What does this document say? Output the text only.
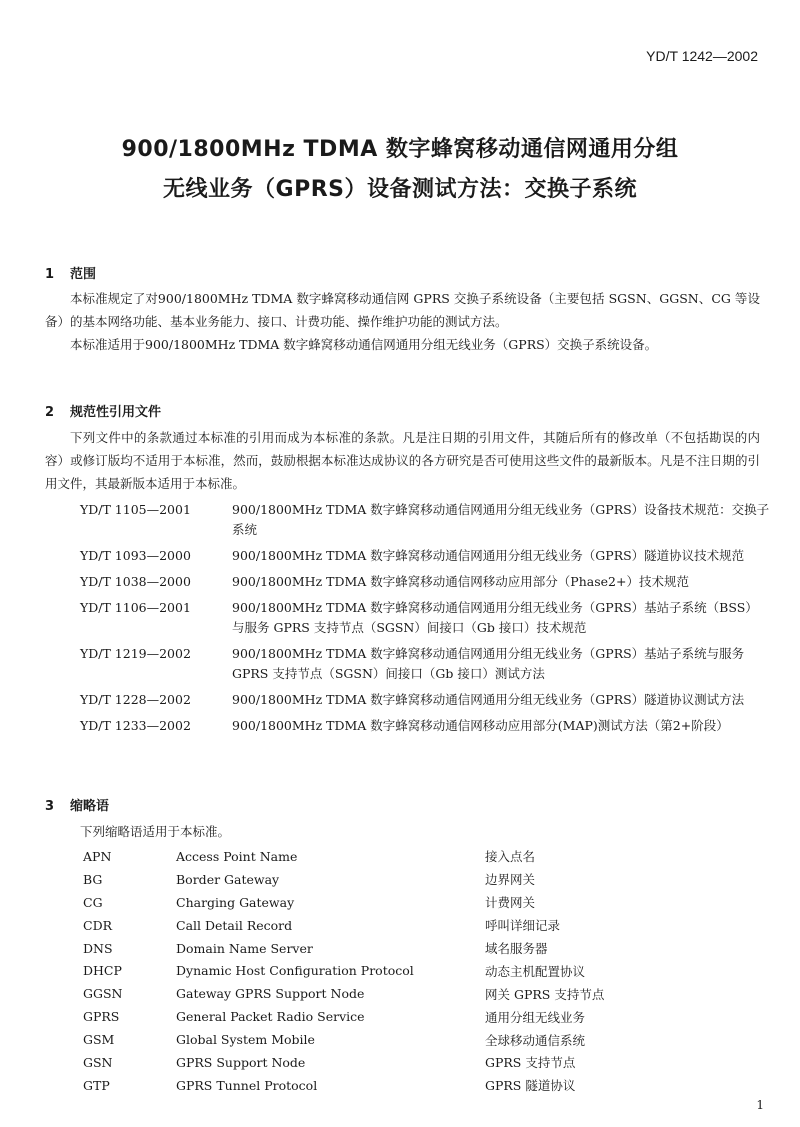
YD/T 1242—2002
900/1800MHz TDMA 数字蜂窝移动通信网通用分组
无线业务（GPRS）设备测试方法：交换子系统
1 范围
本标准规定了对900/1800MHz TDMA 数字蜂窝移动通信网 GPRS 交换子系统设备（主要包括 SGSN、GGSN、CG 等设备）的基本网络功能、基本业务能力、接口、计费功能、操作维护功能的测试方法。
本标准适用于900/1800MHz TDMA 数字蜂窝移动通信网通用分组无线业务（GPRS）交换子系统设备。
2 规范性引用文件
下列文件中的条款通过本标准的引用而成为本标准的条款。凡是注日期的引用文件，其随后所有的修改单（不包括勘误的内容）或修订版均不适用于本标准，然而，鼓励根据本标准达成协议的各方研究是否可使用这些文件的最新版本。凡是不注日期的引用文件，其最新版本适用于本标准。
YD/T 1105—2001	900/1800MHz TDMA 数字蜂窝移动通信网通用分组无线业务（GPRS）设备技术规范：交换子系统
YD/T 1093—2000	900/1800MHz TDMA 数字蜂窝移动通信网通用分组无线业务（GPRS）隧道协议技术规范
YD/T 1038—2000	900/1800MHz TDMA 数字蜂窝移动通信网移动应用部分（Phase2+）技术规范
YD/T 1106—2001	900/1800MHz TDMA 数字蜂窝移动通信网通用分组无线业务（GPRS）基站子系统（BSS）与服务 GPRS 支持节点（SGSN）间接口（Gb 接口）技术规范
YD/T 1219—2002	900/1800MHz TDMA 数字蜂窝移动通信网通用分组无线业务（GPRS）基站子系统与服务 GPRS 支持节点（SGSN）间接口（Gb 接口）测试方法
YD/T 1228—2002	900/1800MHz TDMA 数字蜂窝移动通信网通用分组无线业务（GPRS）隧道协议测试方法
YD/T 1233—2002	900/1800MHz TDMA 数字蜂窝移动通信网移动应用部分(MAP)测试方法（第2+阶段）
3 缩略语
下列缩略语适用于本标准。
APN	Access Point Name	接入点名
BG	Border Gateway	边界网关
CG	Charging Gateway	计费网关
CDR	Call Detail Record	呼叫详细记录
DNS	Domain Name Server	域名服务器
DHCP	Dynamic Host Configuration Protocol	动态主机配置协议
GGSN	Gateway GPRS Support Node	网关 GPRS 支持节点
GPRS	General Packet Radio Service	通用分组无线业务
GSM	Global System Mobile	全球移动通信系统
GSN	GPRS Support Node	GPRS 支持节点
GTP	GPRS Tunnel Protocol	GPRS 隧道协议
1
